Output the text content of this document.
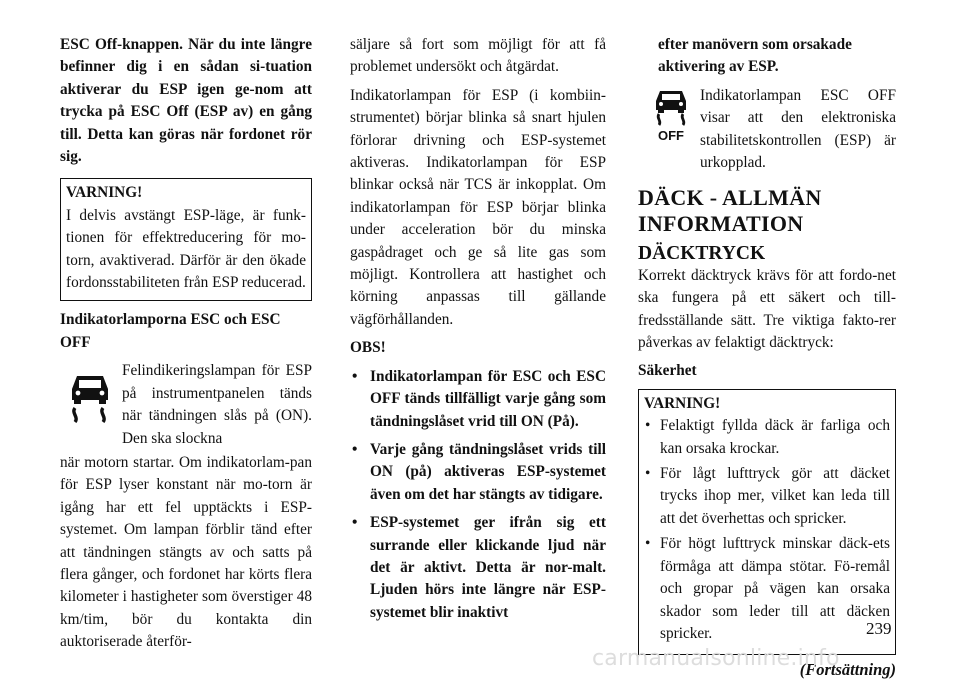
ESC Off-knappen. När du inte längre befinner dig i en sådan si-tuation aktiverar du ESP igen ge-nom att trycka på ESC Off (ESP av) en gång till. Detta kan göras när fordonet rör sig.

VARNING!
I delvis avstängt ESP-läge, är funk-tionen för effektreducering för mo-torn, avaktiverad. Därför är den ökade fordonsstabiliteten från ESP reducerad.

Indikatorlamporna ESC och ESC OFF

Felindikeringslampan för ESP på instrumentpanelen tänds när tändningen slås på (ON). Den ska slockna

när motorn startar. Om indikatorlam-pan för ESP lyser konstant när mo-torn är igång har ett fel upptäckts i ESP-systemet. Om lampan förblir tänd efter att tändningen stängts av och satts på flera gånger, och fordonet har körts flera kilometer i hastigheter som överstiger 48 km/tim, bör du kontakta din auktoriserade återför-

säljare så fort som möjligt för att få problemet undersökt och åtgärdat.

Indikatorlampan för ESP (i kombiin-strumentet) börjar blinka så snart hjulen förlorar drivning och ESP-systemet aktiveras. Indikatorlampan för ESP blinkar också när TCS är inkopplat. Om indikatorlampan för ESP börjar blinka under acceleration bör du minska gaspådraget och ge så lite gas som möjligt. Kontrollera att hastighet och körning anpassas till gällande vägförhållanden.

OBS!

• Indikatorlampan för ESC och ESC OFF tänds tillfälligt varje gång som tändningslåset vrid till ON (På).
• Varje gång tändningslåset vrids till ON (på) aktiveras ESP-systemet även om det har stängts av tidigare.
• ESP-systemet ger ifrån sig ett surrande eller klickande ljud när det är aktivt. Detta är nor-malt. Ljuden hörs inte längre när ESP-systemet blir inaktivt

efter manövern som orsakade aktivering av ESP.

OFF
Indikatorlampan ESC OFF visar att den elektroniska stabilitetskontrollen (ESP) är urkopplad.
DÄCK - ALLMÄN INFORMATION
DÄCKTRYCK

Korrekt däcktryck krävs för att fordo-net ska fungera på ett säkert och till-fredsställande sätt. Tre viktiga fakto-rer påverkas av felaktigt däcktryck:

Säkerhet

VARNING!
• Felaktigt fyllda däck är farliga och kan orsaka krockar.
• För lågt lufttryck gör att däcket trycks ihop mer, vilket kan leda till att det överhettas och spricker.
• För högt lufttryck minskar däck-ets förmåga att dämpa stötar. Fö-remål och gropar på vägen kan orsaka skador som leder till att däcken spricker.
(Fortsättning)
239
carmanualsonline.info
